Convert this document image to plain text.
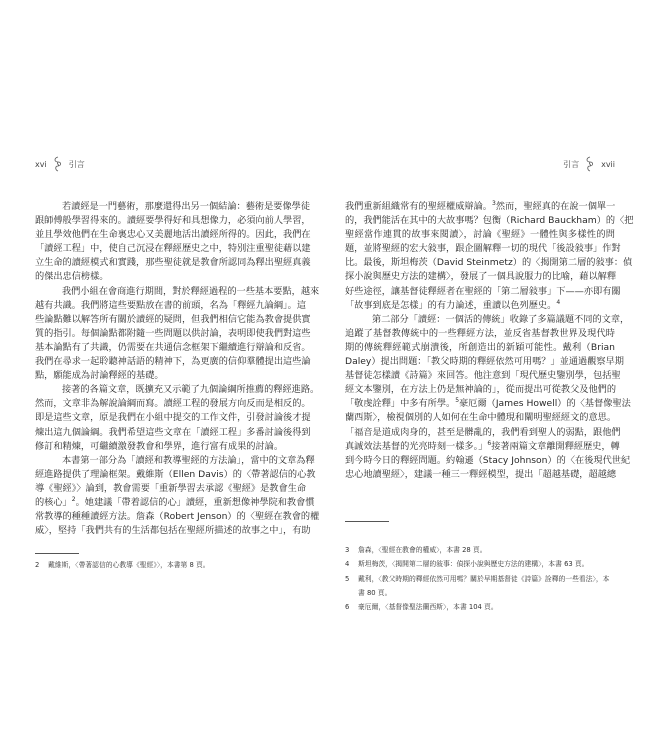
xvi	引言
若讀經是一門藝術，那麼還得出另一個結論：藝術是要像學徒
跟師傅般學習得來的。讀經要學得好和具想像力，必須向前人學習，
並且學效他們在生命裏忠心又美麗地活出讀經所得的。因此，我們在
「讀經工程」中，使自己沉浸在釋經歷史之中，特別注重聖徒藉以建
立生命的讀經模式和實踐，那些聖徒就是教會所認同為釋出聖經真義
的傑出忠信榜樣。
我們小組在會商進行期間，對於釋經過程的一些基本要點，越來
越有共識。我們將這些要點放在書的前頭，名為「釋經九論綱」。這
些論點難以解答所有關於讀經的疑問，但我們相信它能為教會提供實
質的指引。每個論點都附隨一些問題以供討論，表明即使我們對這些
基本論點有了共識，仍需要在共通信念框架下繼續進行辯論和反省。
我們在尋求一起聆聽神話語的精神下，為更廣的信仰羣體提出這些論
點，願能成為討論釋經的基礎。
接著的各篇文章，既擴充又示範了九個論綱所推薦的釋經進路。
然而，文章非為解說論綱而寫。讀經工程的發展方向反而是相反的。
即是這些文章，原是我們在小組中提交的工作文件，引發討論後才提
煉出這九個論綱。我們希望這些文章在「讀經工程」多番討論後得到
修訂和精煉，可繼續激發教會和學界，進行富有成果的討論。
本書第一部分為「讀經和教導聖經的方法論」，當中的文章為釋
經進路提供了理論框架。戴維斯（Ellen Davis）的〈帶著認信的心教
導《聖經》〉論到，教會需要「重新學習去承認《聖經》是教會生命
的核心」$^2$。她建議「帶着認信的心」讀經，重新想像神學院和教會慣
常教導的種種讀經方法。詹森（Robert Jenson）的〈聖經在教會的權
威〉，堅持「我們共有的生活都包括在聖經所描述的故事之中」，有助
2	戴維斯，〈帶著認信的心教導《聖經》〉，本書第 8 頁。
引言	xvii
我們重新組織常有的聖經權威辯論。$^3$然而，聖經真的在說一個單一
的，我們能活在其中的大故事嗎？包衡（Richard Bauckham）的〈把
聖經當作連貫的故事來閱讀〉，討論《聖經》一體性與多樣性的問
題，並將聖經的宏大敍事，跟企圖解釋一切的現代「後設敍事」作對
比。最後，斯坦梅茨（David Steinmetz）的〈揭開第二層的敍事：偵
探小說與歷史方法的建構〉，發展了一個具說服力的比喻，藉以解釋
好些途徑，讓基督徒釋經者在聖經的「第二層敍事」下——亦即有關
「故事到底是怎樣」的有力論述，重讀以色列歷史。$^4$
第二部分「讀經：一個活的傳統」收錄了多篇議題不同的文章，
追蹤了基督教傳統中的一些釋經方法，並反省基督教世界及現代時
期的傳統釋經範式崩潰後，所創造出的新穎可能性。戴利（Brian
Daley）提出問題：「教父時期的釋經依然可用嗎？」並通過觀察早期
基督徒怎樣讀《詩篇》來回答。他注意到「現代歷史鑒別學，包括聖
經文本鑒別，在方法上仍是無神論的」，從而提出可從教父及他們的
「敬虔詮釋」中多有所學。$^5$豪厄爾（James Howell）的〈基督像聖法
蘭西斯〉，檢視個別的人如何在生命中體現和闡明聖經經文的意思。
「福音是道成肉身的，甚至是髒亂的，我們看到聖人的弱點，跟他們
真誠效法基督的光亮時刻一樣多。」$^6$接著兩篇文章離開釋經歷史，轉
到今時今日的釋經問題。約翰遜（Stacy Johnson）的〈在後現代世紀
忠心地讀聖經〉，建議一種三一釋經模型，提出「超越基礎，超越總
3	詹森，〈聖經在教會的權威〉，本書 28 頁。
4	斯坦梅茨，〈揭開第二層的敍事：偵探小說與歷史方法的建構〉，本書 63 頁。
5	戴利，〈教父時期的釋經依然可用嗎？關於早期基督徒《詩篇》詮釋的一些看法〉，本書 80 頁。
6	豪厄爾，〈基督像聖法蘭西斯〉，本書 104 頁。
